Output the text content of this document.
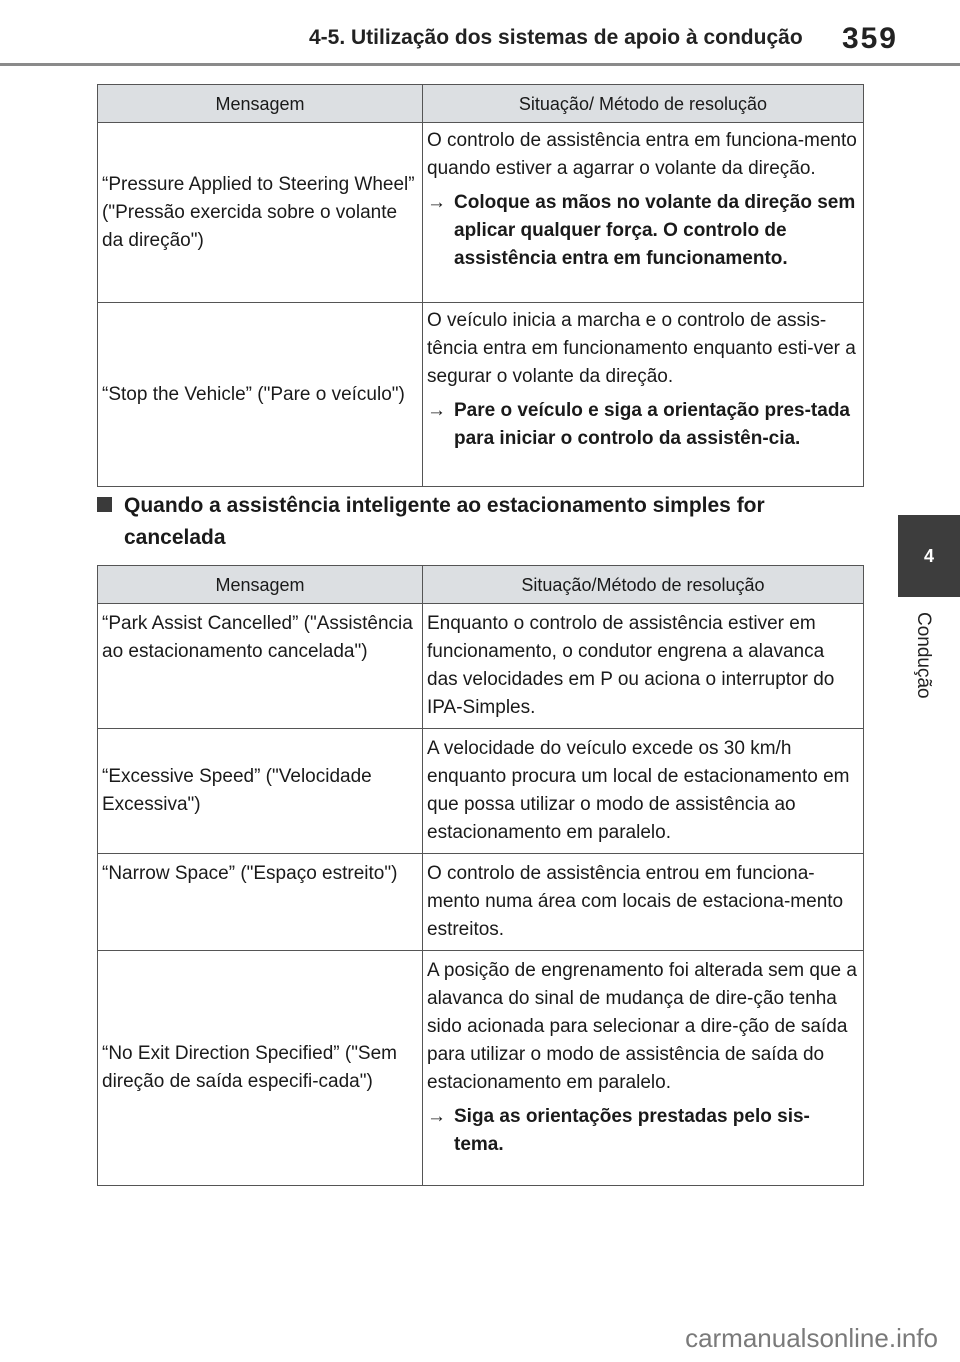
4-5. Utilização dos sistemas de apoio à condução 359
4
Condução
Mensagem	Situação/ Método de resolução
“Pressure Applied to Steering Wheel” ("Pressão exercida sobre o volante da direção")	O controlo de assistência entra em funciona-mento quando estiver a agarrar o volante da direção.
→ Coloque as mãos no volante da direção sem aplicar qualquer força. O controlo de assistência entra em funcionamento.

“Stop the Vehicle” ("Pare o veículo")	O veículo inicia a marcha e o controlo de assis-tência entra em funcionamento enquanto esti-ver a segurar o volante da direção.
→ Pare o veículo e siga a orientação pres-tada para iniciar o controlo da assistên-cia.
Quando a assistência inteligente ao estacionamento simples for cancelada
Mensagem	Situação/Método de resolução
“Park Assist Cancelled” ("Assistência ao estacionamento cancelada")	Enquanto o controlo de assistência estiver em funcionamento, o condutor engrena a alavanca das velocidades em P ou aciona o interruptor do IPA-Simples.
“Excessive Speed” ("Velocidade Excessiva")	A velocidade do veículo excede os 30 km/h enquanto procura um local de estacionamento em que possa utilizar o modo de assistência ao estacionamento em paralelo.
“Narrow Space” ("Espaço estreito")	O controlo de assistência entrou em funciona-mento numa área com locais de estaciona-mento estreitos.
“No Exit Direction Specified” ("Sem direção de saída especifi-cada")	A posição de engrenamento foi alterada sem que a alavanca do sinal de mudança de dire-ção tenha sido acionada para selecionar a dire-ção de saída para utilizar o modo de assistência de saída do estacionamento em paralelo.
→ Siga as orientações prestadas pelo sis-tema.
carmanualsonline.info
